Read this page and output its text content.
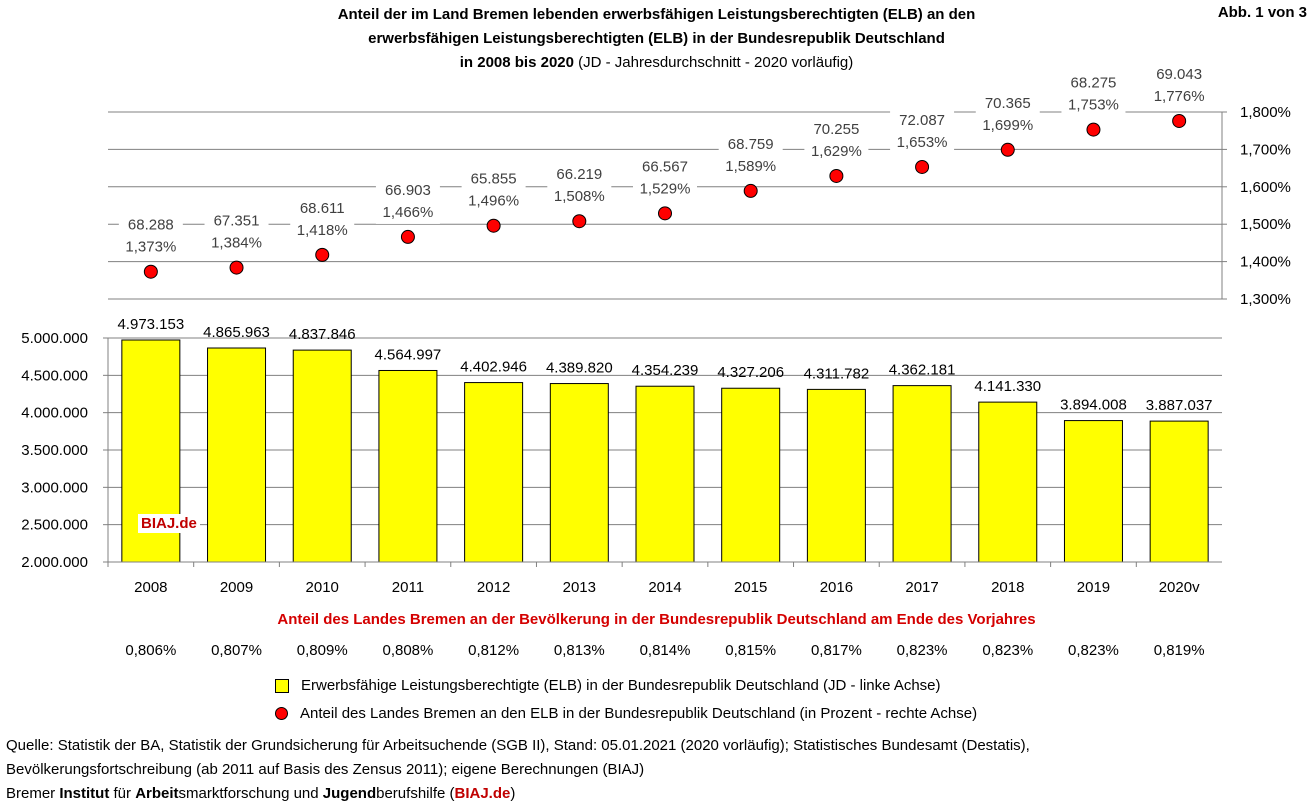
Anteil der im Land Bremen lebenden erwerbsfähigen Leistungsberechtigten (ELB) an den
erwerbsfähigen Leistungsberechtigten (ELB) in der Bundesrepublik Deutschland
in 2008 bis 2020 (JD - Jahresdurchschnitt - 2020 vorläufig)
Abb. 1 von 3
1,300%
1,400%
1,500%
1,600%
1,700%
1,800%
2.000.000
2.500.000
3.000.000
3.500.000
4.000.000
4.500.000
5.000.000
4.973.153 4.865.963 4.837.846
4.564.997
4.402.946 4.389.820 4.354.239 4.327.206 4.311.782 4.362.181
4.141.330
3.894.008 3.887.037
2008
0,806%
2009
0,807%
2010
0,809%
2011
0,808%
2012
0,812%
2013
0,813%
2014
0,814%
2015
0,815%
2016
0,817%
2017
0,823%
2018
0,823%
2019
0,823%
2020v
0,819%
68.288
1,373%
67.351
1,384%
68.611
1,418%
66.903
1,466%
65.855
1,496%
66.219
1,508%
66.567
1,529%
68.759
1,589%
70.255
1,629%
72.087
1,653%
70.365
1,699%
68.275
1,753%
69.043
1,776%
BIAJ.de
Anteil des Landes Bremen an der Bevölkerung in der Bundesrepublik Deutschland am Ende des Vorjahres
Erwerbsfähige Leistungsberechtigte (ELB) in der Bundesrepublik Deutschland (JD - linke Achse)
Anteil des Landes Bremen an den ELB in der Bundesrepublik Deutschland (in Prozent - rechte Achse)
Quelle: Statistik der BA, Statistik der Grundsicherung für Arbeitsuchende (SGB II), Stand: 05.01.2021 (2020 vorläufig); Statistisches Bundesamt (Destatis),
Bevölkerungsfortschreibung (ab 2011 auf Basis des Zensus 2011); eigene Berechnungen (BIAJ)
Bremer Institut für Arbeitsmarktforschung und Jugendberufshilfe (BIAJ.de)
